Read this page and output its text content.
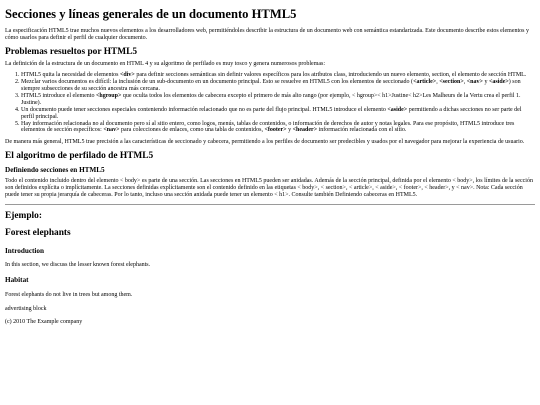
Secciones y líneas generales de un documento HTML5

La especificación HTML5 trae muchos nuevos elementos a los desarrolladores web, permitiéndoles describir la estructura de un documento web con semántica estandarizada. Este documento describe estos elementos y cómo usarlos para definir el perfil de cualquier documento.

Problemas resueltos por HTML5

La definición de la estructura de un documento en HTML 4 y su algoritmo de perfilado es muy tosco y genera numerosos problemas:

1. HTML5 quita la necesidad de elementos <div> para definir secciones semánticas sin definir valores específicos para los atributos class, introduciendo un nuevo elemento, section, el elemento de sección HTML.
2. Mezclar varios documentos es difícil: la inclusión de un sub-documento en un documento principal. Esto se resuelve en HTML5 con los elementos de seccionado (<article>, <section>, <nav> y <aside>) son siempre subsecciones de su sección ancestra más cercana.
3. HTML5 introduce el elemento <hgroup> que oculta todos los elementos de cabecera excepto el primero de más alto rango (por ejemplo, < hgroup>< h1>Justine< h2>Les Malheurs de la Vertu crea el perfil 1. Justine).
4. Un documento puede tener secciones especiales conteniendo información relacionado que no es parte del flujo principal. HTML5 introduce el elemento <aside> permitiendo a dichas secciones no ser parte del perfil principal.
5. Hay información relacionada no al documento pero sí al sitio entero, como logos, menús, tablas de contenidos, o información de derechos de autor y notas legales. Para ese propósito, HTML5 introduce tres elementos de sección específicos: <nav> para colecciones de enlaces, como una tabla de contenidos, <footer> y <header> información relacionada con el sitio.

De manera más general, HTML5 trae precisión a las características de seccionado y cabecera, permitiendo a los perfiles de documento ser predecibles y usados por el navegador para mejorar la experiencia de usuario.

El algoritmo de perfilado de HTML5
Definiendo secciones en HTML5

Todo el contenido incluido dentro del elemento < body> es parte de una sección. Las secciones en HTML5 pueden ser anidadas. Además de la sección principal, definida por el elemento < body>, los límites de la sección son definidos explícita o implícitamente. La secciones definidas explícitamente son el contenido definido en las etiquetas < body>, < section>, < article>, < aside>, < footer>, < header>, y < nav>. Nota: Cada sección puede tener su propia jerarquía de cabeceras. Por lo tanto, incluso una sección anidada puede tener un elemento < h1>. Consulte también Definiendo cabeceras en HTML5.

Ejemplo:
Forest elephants
Introduction
In this section, we discuss the lesser known forest elephants.
Habitat
Forest elephants do not live in trees but among them.
advertising block
(c) 2010 The Example company
